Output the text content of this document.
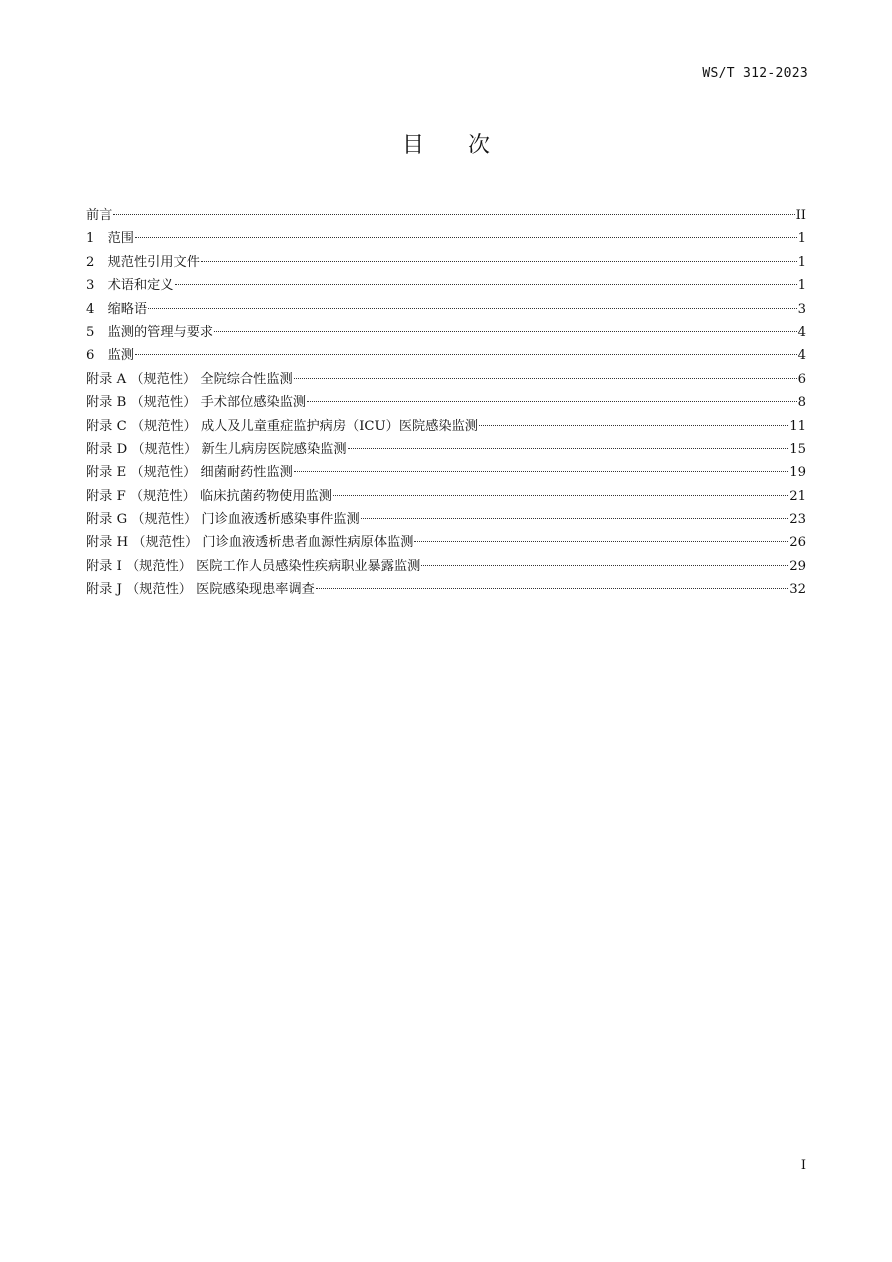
WS/T 312-2023
目 次
前言	II
1　范围	1
2　规范性引用文件	1
3　术语和定义	1
4　缩略语	3
5　监测的管理与要求	4
6　监测	4
附录 A （规范性） 全院综合性监测	6
附录 B （规范性） 手术部位感染监测	8
附录 C （规范性） 成人及儿童重症监护病房（ICU）医院感染监测	11
附录 D （规范性） 新生儿病房医院感染监测	15
附录 E （规范性） 细菌耐药性监测	19
附录 F （规范性） 临床抗菌药物使用监测	21
附录 G （规范性） 门诊血液透析感染事件监测	23
附录 H （规范性） 门诊血液透析患者血源性病原体监测	26
附录 I （规范性） 医院工作人员感染性疾病职业暴露监测	29
附录 J （规范性） 医院感染现患率调查	32
I
